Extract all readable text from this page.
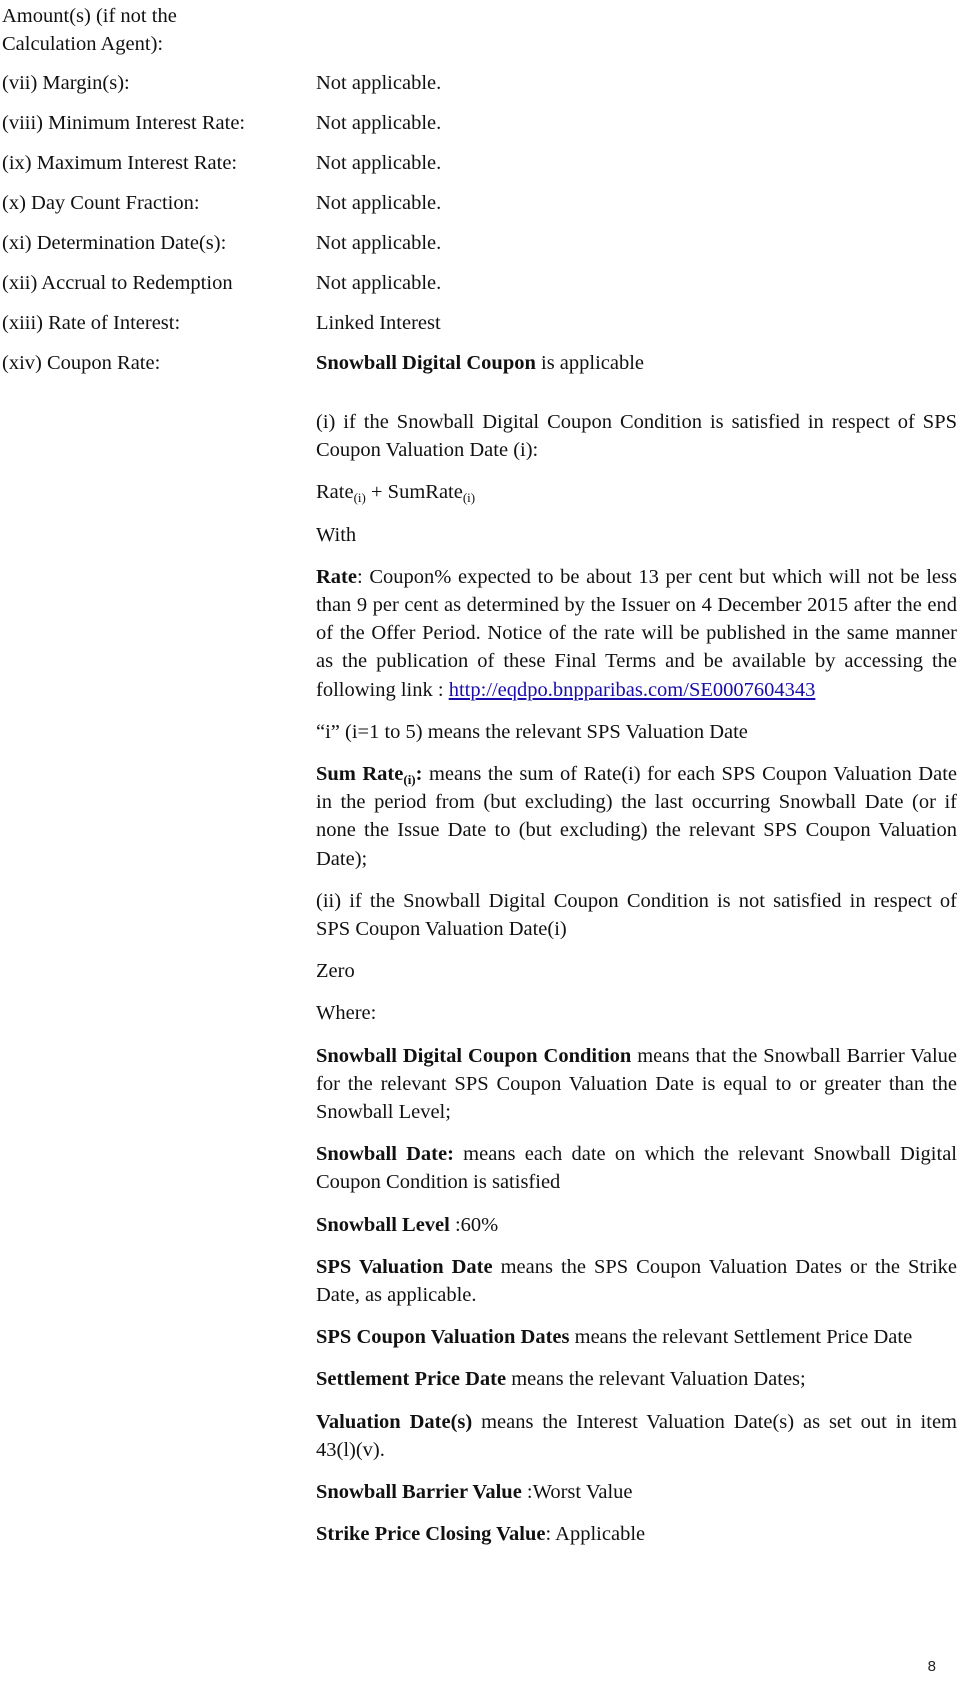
Amount(s) (if not the
Calculation Agent):
(vii) Margin(s):	Not applicable.
(viii) Minimum Interest Rate:	Not applicable.
(ix) Maximum Interest Rate:	Not applicable.
(x) Day Count Fraction:	Not applicable.
(xi) Determination Date(s):	Not applicable.
(xii) Accrual to Redemption	Not applicable.
(xiii) Rate of Interest:	Linked Interest
(xiv) Coupon Rate:	Snowball Digital Coupon is applicable

(i) if the Snowball Digital Coupon Condition is satisfied in respect of SPS Coupon Valuation Date (i):

Rate$_{(i)}$ + SumRate$_{(i)}$

With

Rate: Coupon% expected to be about 13 per cent but which will not be less than 9 per cent as determined by the Issuer on 4 December 2015 after the end of the Offer Period. Notice of the rate will be published in the same manner as the publication of these Final Terms and be available by accessing the following link : http://eqdpo.bnpparibas.com/SE0007604343

“i” (i=1 to 5) means the relevant SPS Valuation Date

Sum Rate$_{(i)}$: means the sum of Rate(i) for each SPS Coupon Valuation Date in the period from (but excluding) the last occurring Snowball Date (or if none the Issue Date to (but excluding) the relevant SPS Coupon Valuation Date);

(ii) if the Snowball Digital Coupon Condition is not satisfied in respect of SPS Coupon Valuation Date(i)

Zero

Where:

Snowball Digital Coupon Condition means that the Snowball Barrier Value for the relevant SPS Coupon Valuation Date is equal to or greater than the Snowball Level;

Snowball Date: means each date on which the relevant Snowball Digital Coupon Condition is satisfied

Snowball Level :60%

SPS Valuation Date means the SPS Coupon Valuation Dates or the Strike Date, as applicable.

SPS Coupon Valuation Dates means the relevant Settlement Price Date

Settlement Price Date means the relevant Valuation Dates;

Valuation Date(s) means the Interest Valuation Date(s) as set out in item 43(l)(v).

Snowball Barrier Value :Worst Value

Strike Price Closing Value: Applicable

8
